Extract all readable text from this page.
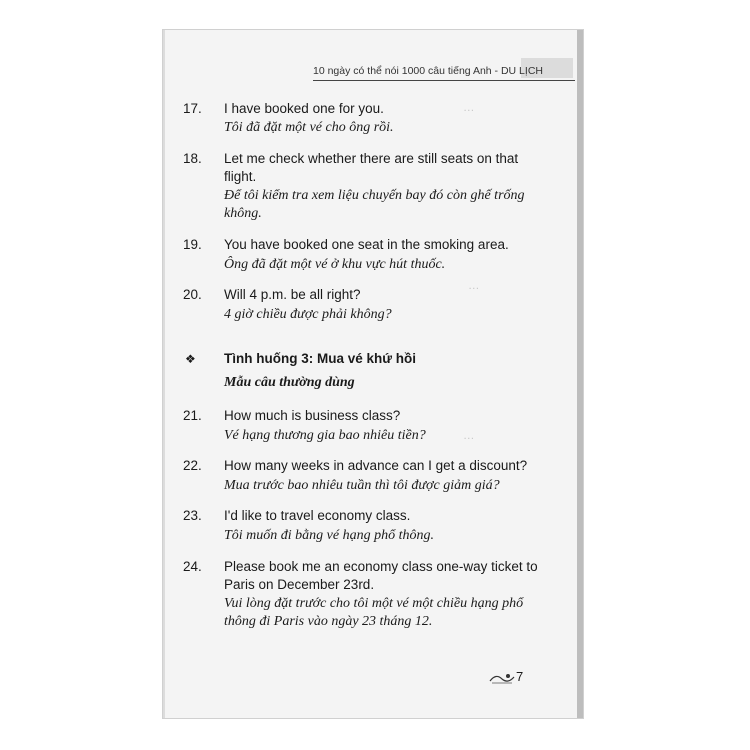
10 ngày có thể nói 1000 câu tiếng Anh - DU LỊCH
…
…
…
17.	I have booked one for you.
Tôi đã đặt một vé cho ông rồi.
18.	Let me check whether there are still seats on that flight.
Để tôi kiểm tra xem liệu chuyến bay đó còn ghế trống không.
19.	You have booked one seat in the smoking area.
Ông đã đặt một vé ở khu vực hút thuốc.
20.	Will 4 p.m. be all right?
4 giờ chiều được phải không?
❖ Tình huống 3: Mua vé khứ hồi
Mẫu câu thường dùng
21.	How much is business class?
Vé hạng thương gia bao nhiêu tiền?
22.	How many weeks in advance can I get a discount?
Mua trước bao nhiêu tuần thì tôi được giảm giá?
23.	I'd like to travel economy class.
Tôi muốn đi bằng vé hạng phổ thông.
24.	Please book me an economy class one-way ticket to Paris on December 23rd.
Vui lòng đặt trước cho tôi một vé một chiều hạng phổ thông đi Paris vào ngày 23 tháng 12.
7
